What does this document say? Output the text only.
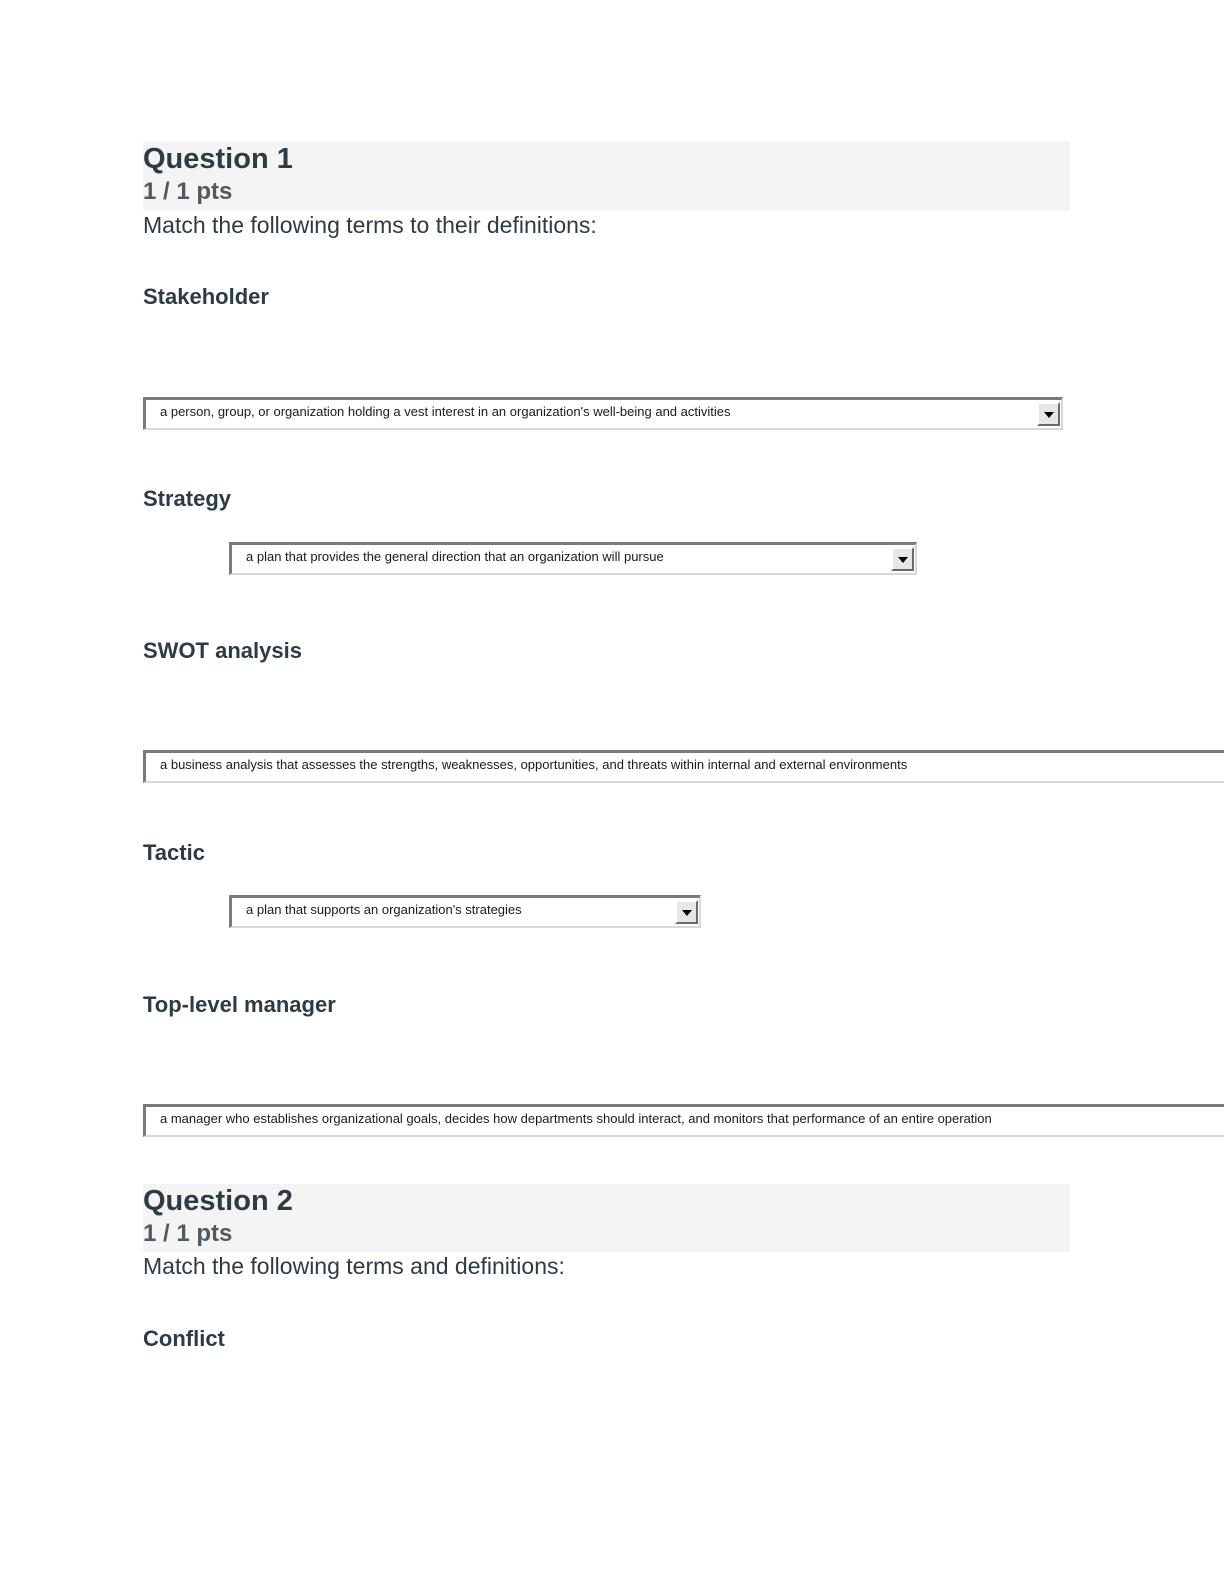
Question 1
1 / 1 pts
Match the following terms to their definitions:
Stakeholder
a person, group, or organization holding a vest interest in an organization's well-being and activities
Strategy
a plan that provides the general direction that an organization will pursue
SWOT analysis
a business analysis that assesses the strengths, weaknesses, opportunities, and threats within internal and external environments
Tactic
a plan that supports an organization's strategies
Top-level manager
a manager who establishes organizational goals, decides how departments should interact, and monitors that performance of an entire operation
Question 2
1 / 1 pts
Match the following terms and definitions:
Conflict
